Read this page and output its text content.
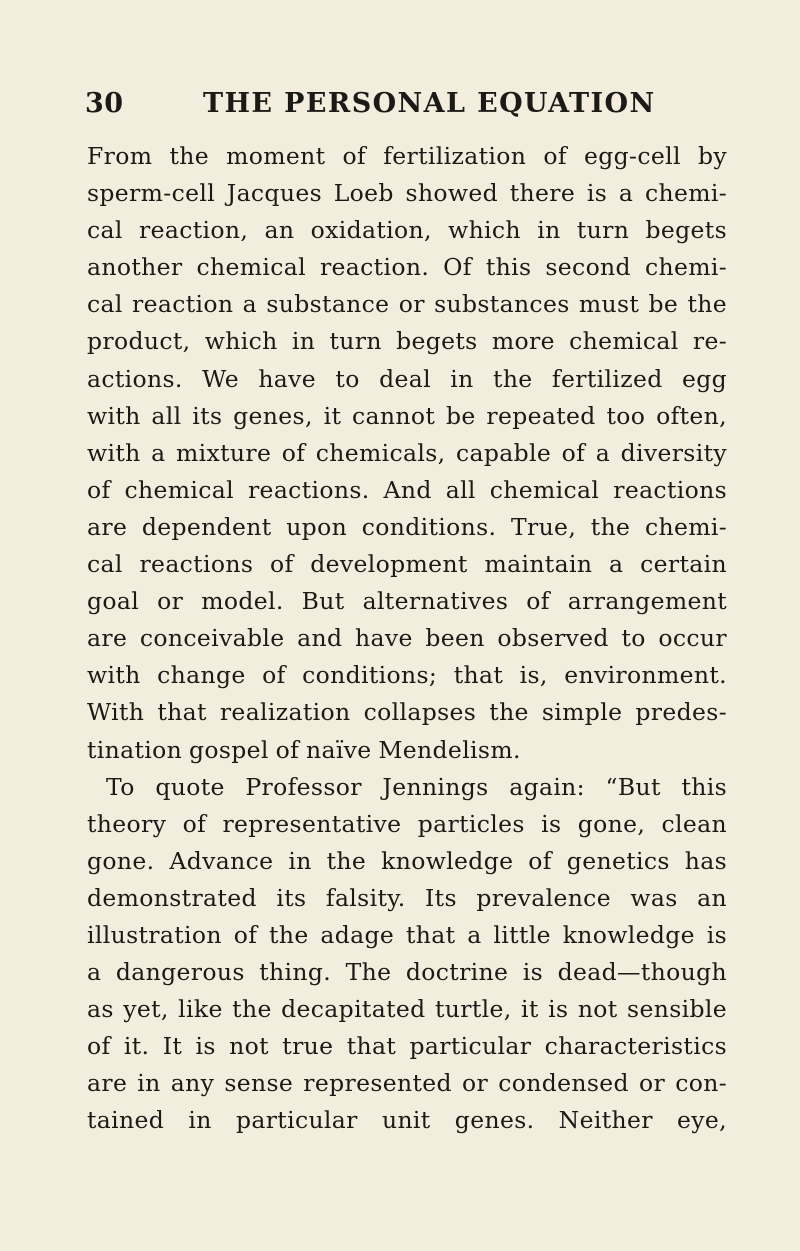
30	THE PERSONAL EQUATION
From the moment of fertilization of egg-cell by
sperm-cell Jacques Loeb showed there is a chemi-
cal reaction, an oxidation, which in turn begets
another chemical reaction. Of this second chemi-
cal reaction a substance or substances must be the
product, which in turn begets more chemical re-
actions. We have to deal in the fertilized egg
with all its genes, it cannot be repeated too often,
with a mixture of chemicals, capable of a diversity
of chemical reactions. And all chemical reactions
are dependent upon conditions. True, the chemi-
cal reactions of development maintain a certain
goal or model. But alternatives of arrangement
are conceivable and have been observed to occur
with change of conditions; that is, environment.
With that realization collapses the simple predes-
tination gospel of naïve Mendelism.
To quote Professor Jennings again: “But this
theory of representative particles is gone, clean
gone. Advance in the knowledge of genetics has
demonstrated its falsity. Its prevalence was an
illustration of the adage that a little knowledge is
a dangerous thing. The doctrine is dead—though
as yet, like the decapitated turtle, it is not sensible
of it. It is not true that particular characteristics
are in any sense represented or condensed or con-
tained in particular unit genes. Neither eye,
